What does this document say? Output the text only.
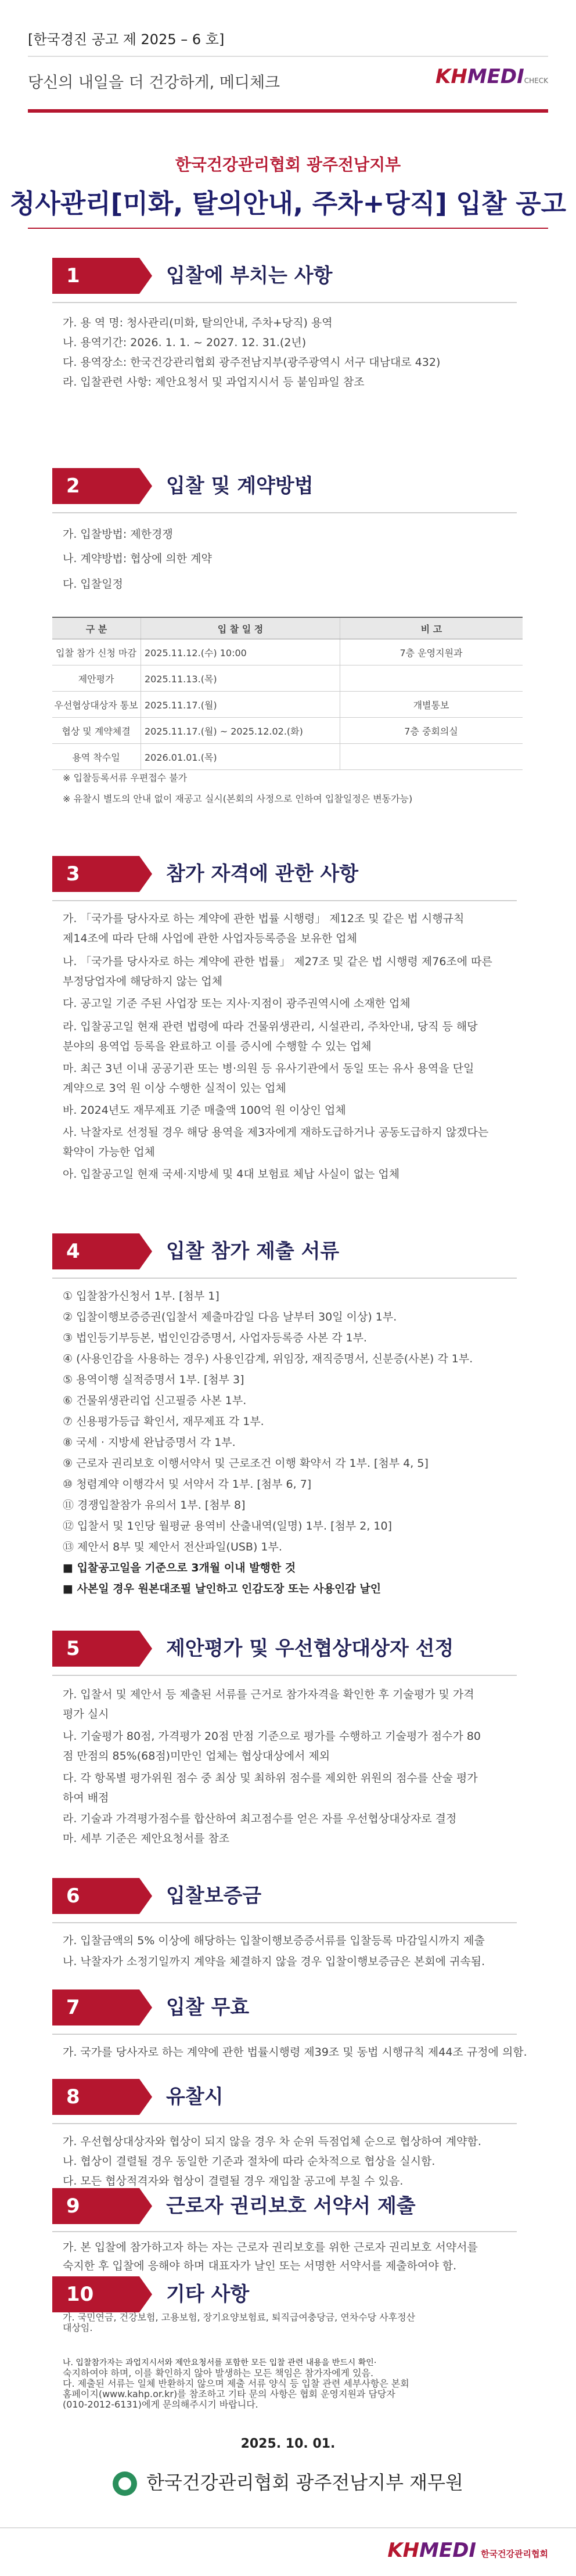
[한국경진 공고 제 2025 – 6 호]
당신의 내일을 더 건강하게, 메디체크	KHMEDICHECK
한국건강관리협회 광주전남지부
청사관리[미화, 탈의안내, 주차+당직] 입찰 공고
1	입찰에 부치는 사항
가. 용 역 명: 청사관리(미화, 탈의안내, 주차+당직) 용역
나. 용역기간: 2026. 1. 1. ~ 2027. 12. 31.(2년)
다. 용역장소: 한국건강관리협회 광주전남지부(광주광역시 서구 대남대로 432)
라. 입찰관련 사항: 제안요청서 및 과업지시서 등 붙임파일 참조
2	입찰 및 계약방법
가. 입찰방법: 제한경쟁
나. 계약방법: 협상에 의한 계약
다. 입찰일정
구 분	입 찰 일 정	비 고
입찰 참가 신청 마감	2025.11.12.(수) 10:00	7층 운영지원과
제안평가	2025.11.13.(목)	
우선협상대상자 통보	2025.11.17.(월)	개별통보
협상 및 계약체결	2025.11.17.(월) ~ 2025.12.02.(화)	7층 중회의실
용역 착수일	2026.01.01.(목)	
※ 입찰등록서류 우편접수 불가
※ 유찰시 별도의 안내 없이 재공고 실시(본회의 사정으로 인하여 입찰일정은 변동가능)
3	참가 자격에 관한 사항
가. 「국가를 당사자로 하는 계약에 관한 법률 시행령」 제12조 및 같은 법 시행규칙
제14조에 따라 단해 사업에 관한 사업자등록증을 보유한 업체
나. 「국가를 당사자로 하는 계약에 관한 법률」 제27조 및 같은 법 시행령 제76조에 따른
부정당업자에 해당하지 않는 업체
다. 공고일 기준 주된 사업장 또는 지사·지점이 광주권역시에 소재한 업체
라. 입찰공고일 현재 관련 법령에 따라 건물위생관리, 시설관리, 주차안내, 당직 등 해당
분야의 용역업 등록을 완료하고 이를 증시에 수행할 수 있는 업체
마. 최근 3년 이내 공공기관 또는 병·의원 등 유사기관에서 동일 또는 유사 용역을 단일
계약으로 3억 원 이상 수행한 실적이 있는 업체
바. 2024년도 재무제표 기준 매출액 100억 원 이상인 업체
사. 낙찰자로 선정될 경우 해당 용역을 제3자에게 재하도급하거나 공동도급하지 않겠다는
확약이 가능한 업체
아. 입찰공고일 현재 국세·지방세 및 4대 보험료 체납 사실이 없는 업체
4	입찰 참가 제출 서류
① 입찰참가신청서 1부. [첨부 1]
② 입찰이행보증증권(입찰서 제출마감일 다음 날부터 30일 이상) 1부.
③ 법인등기부등본, 법인인감증명서, 사업자등록증 사본 각 1부.
④ (사용인감을 사용하는 경우) 사용인감계, 위임장, 재직증명서, 신분증(사본) 각 1부.
⑤ 용역이행 실적증명서 1부. [첨부 3]
⑥ 건물위생관리업 신고필증 사본 1부.
⑦ 신용평가등급 확인서, 재무제표 각 1부.
⑧ 국세 · 지방세 완납증명서 각 1부.
⑨ 근로자 권리보호 이행서약서 및 근로조건 이행 확약서 각 1부. [첨부 4, 5]
⑩ 청렴계약 이행각서 및 서약서 각 1부. [첨부 6, 7]
⑪ 경쟁입찰참가 유의서 1부. [첨부 8]
⑫ 입찰서 및 1인당 월평균 용역비 산출내역(일명) 1부. [첨부 2, 10]
⑬ 제안서 8부 및 제안서 전산파일(USB) 1부.
■ 입찰공고일을 기준으로 3개월 이내 발행한 것
■ 사본일 경우 원본대조필 날인하고 인감도장 또는 사용인감 날인
5	제안평가 및 우선협상대상자 선정
가. 입찰서 및 제안서 등 제출된 서류를 근거로 참가자격을 확인한 후 기술평가 및 가격
평가 실시
나. 기술평가 80점, 가격평가 20점 만점 기준으로 평가를 수행하고 기술평가 점수가 80
점 만점의 85%(68점)미만인 업체는 협상대상에서 제외
다. 각 항목별 평가위원 점수 중 최상 및 최하위 점수를 제외한 위원의 점수를 산술 평가
하여 배점
라. 기술과 가격평가점수를 합산하여 최고점수를 얻은 자를 우선협상대상자로 결정
마. 세부 기준은 제안요청서를 참조
6	입찰보증금
가. 입찰금액의 5% 이상에 해당하는 입찰이행보증증서류를 입찰등록 마감일시까지 제출
나. 낙찰자가 소정기일까지 계약을 체결하지 않을 경우 입찰이행보증금은 본회에 귀속됨.
7	입찰 무효
가. 국가를 당사자로 하는 계약에 관한 법률시행령 제39조 및 동법 시행규칙 제44조 규정에 의함.
8	유찰시
가. 우선협상대상자와 협상이 되지 않을 경우 차 순위 득점업체 순으로 협상하여 계약함.
나. 협상이 결렬될 경우 동일한 기준과 절차에 따라 순차적으로 협상을 실시함.
다. 모든 협상적격자와 협상이 결렬될 경우 재입찰 공고에 부칠 수 있음.
9	근로자 권리보호 서약서 제출
가. 본 입찰에 참가하고자 하는 자는 근로자 권리보호를 위한 근로자 권리보호 서약서를
숙지한 후 입찰에 응해야 하며 대표자가 날인 또는 서명한 서약서를 제출하여야 함.
10	기타 사항
가. 국민연금, 건강보험, 고용보험, 장기요양보험료, 퇴직급여충당금, 연차수당 사후정산
대상임.
나. 입찰참가자는 과업지시서와 제안요청서를 포함한 모든 입찰 관련 내용을 반드시 확인·
숙지하여야 하며, 이를 확인하지 않아 발생하는 모든 책임은 참가자에게 있음.
다. 제출된 서류는 일체 반환하지 않으며 제출 서류 양식 등 입찰 관련 세부사항은 본회
홈페이지(www.kahp.or.kr)를 참조하고 기타 문의 사항은 협회 운영지원과 담당자
(010-2012-6131)에게 문의해주시기 바랍니다.
2025. 10. 01.
한국건강관리협회 광주전남지부 재무원
KHMEDI 한국건강관리협회
